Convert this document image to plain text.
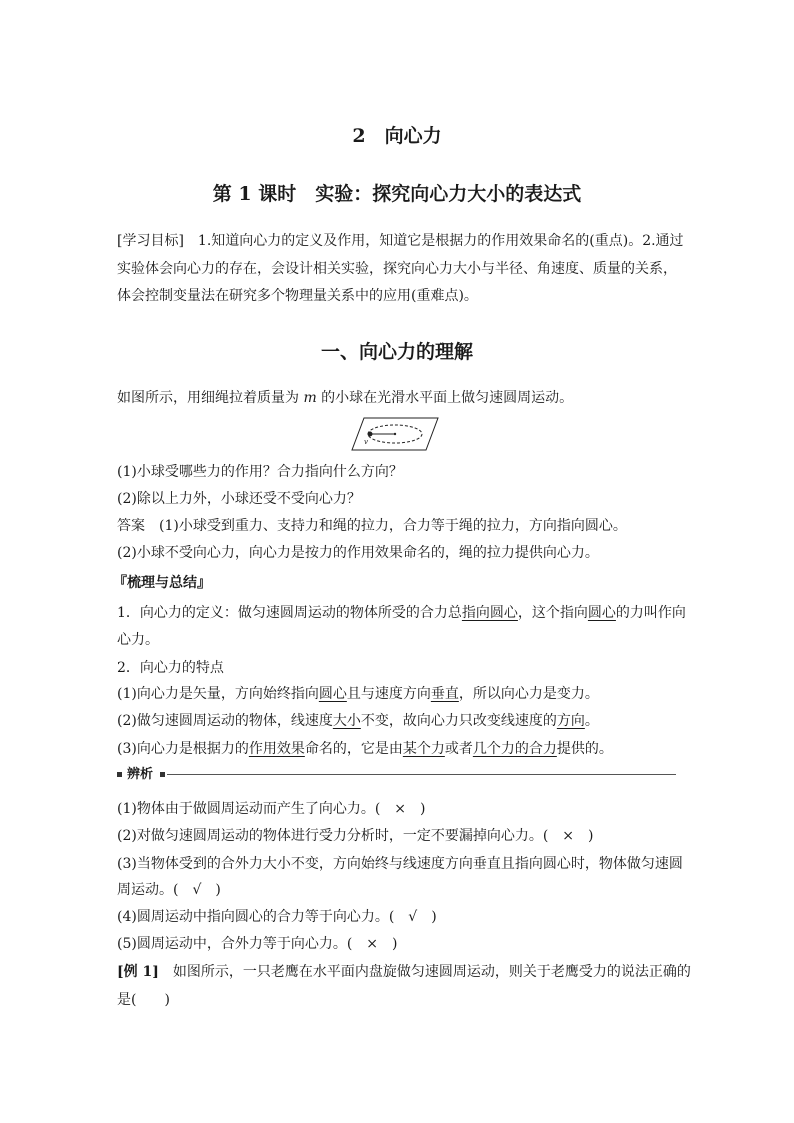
2　向心力
第 1 课时　实验：探究向心力大小的表达式
[学习目标]　1.知道向心力的定义及作用，知道它是根据力的作用效果命名的(重点)。2.通过
实验体会向心力的存在，会设计相关实验，探究向心力大小与半径、角速度、质量的关系，
体会控制变量法在研究多个物理量关系中的应用(重难点)。
一、向心力的理解
如图所示，用细绳拉着质量为 m 的小球在光滑水平面上做匀速圆周运动。
v
(1)小球受哪些力的作用？合力指向什么方向？
(2)除以上力外，小球还受不受向心力？
答案　(1)小球受到重力、支持力和绳的拉力，合力等于绳的拉力，方向指向圆心。
(2)小球不受向心力，向心力是按力的作用效果命名的，绳的拉力提供向心力。
『梳理与总结』
1．向心力的定义：做匀速圆周运动的物体所受的合力总指向圆心，这个指向圆心的力叫作向
心力。
2．向心力的特点
(1)向心力是矢量，方向始终指向圆心且与速度方向垂直，所以向心力是变力。
(2)做匀速圆周运动的物体，线速度大小不变，故向心力只改变线速度的方向。
(3)向心力是根据力的作用效果命名的，它是由某个力或者几个力的合力提供的。
辨析
(1)物体由于做圆周运动而产生了向心力。(　×　)
(2)对做匀速圆周运动的物体进行受力分析时，一定不要漏掉向心力。(　×　)
(3)当物体受到的合外力大小不变，方向始终与线速度方向垂直且指向圆心时，物体做匀速圆
周运动。(　√　)
(4)圆周运动中指向圆心的合力等于向心力。(　√　)
(5)圆周运动中，合外力等于向心力。(　×　)
[例 1]　如图所示，一只老鹰在水平面内盘旋做匀速圆周运动，则关于老鹰受力的说法正确的
是(　　)
